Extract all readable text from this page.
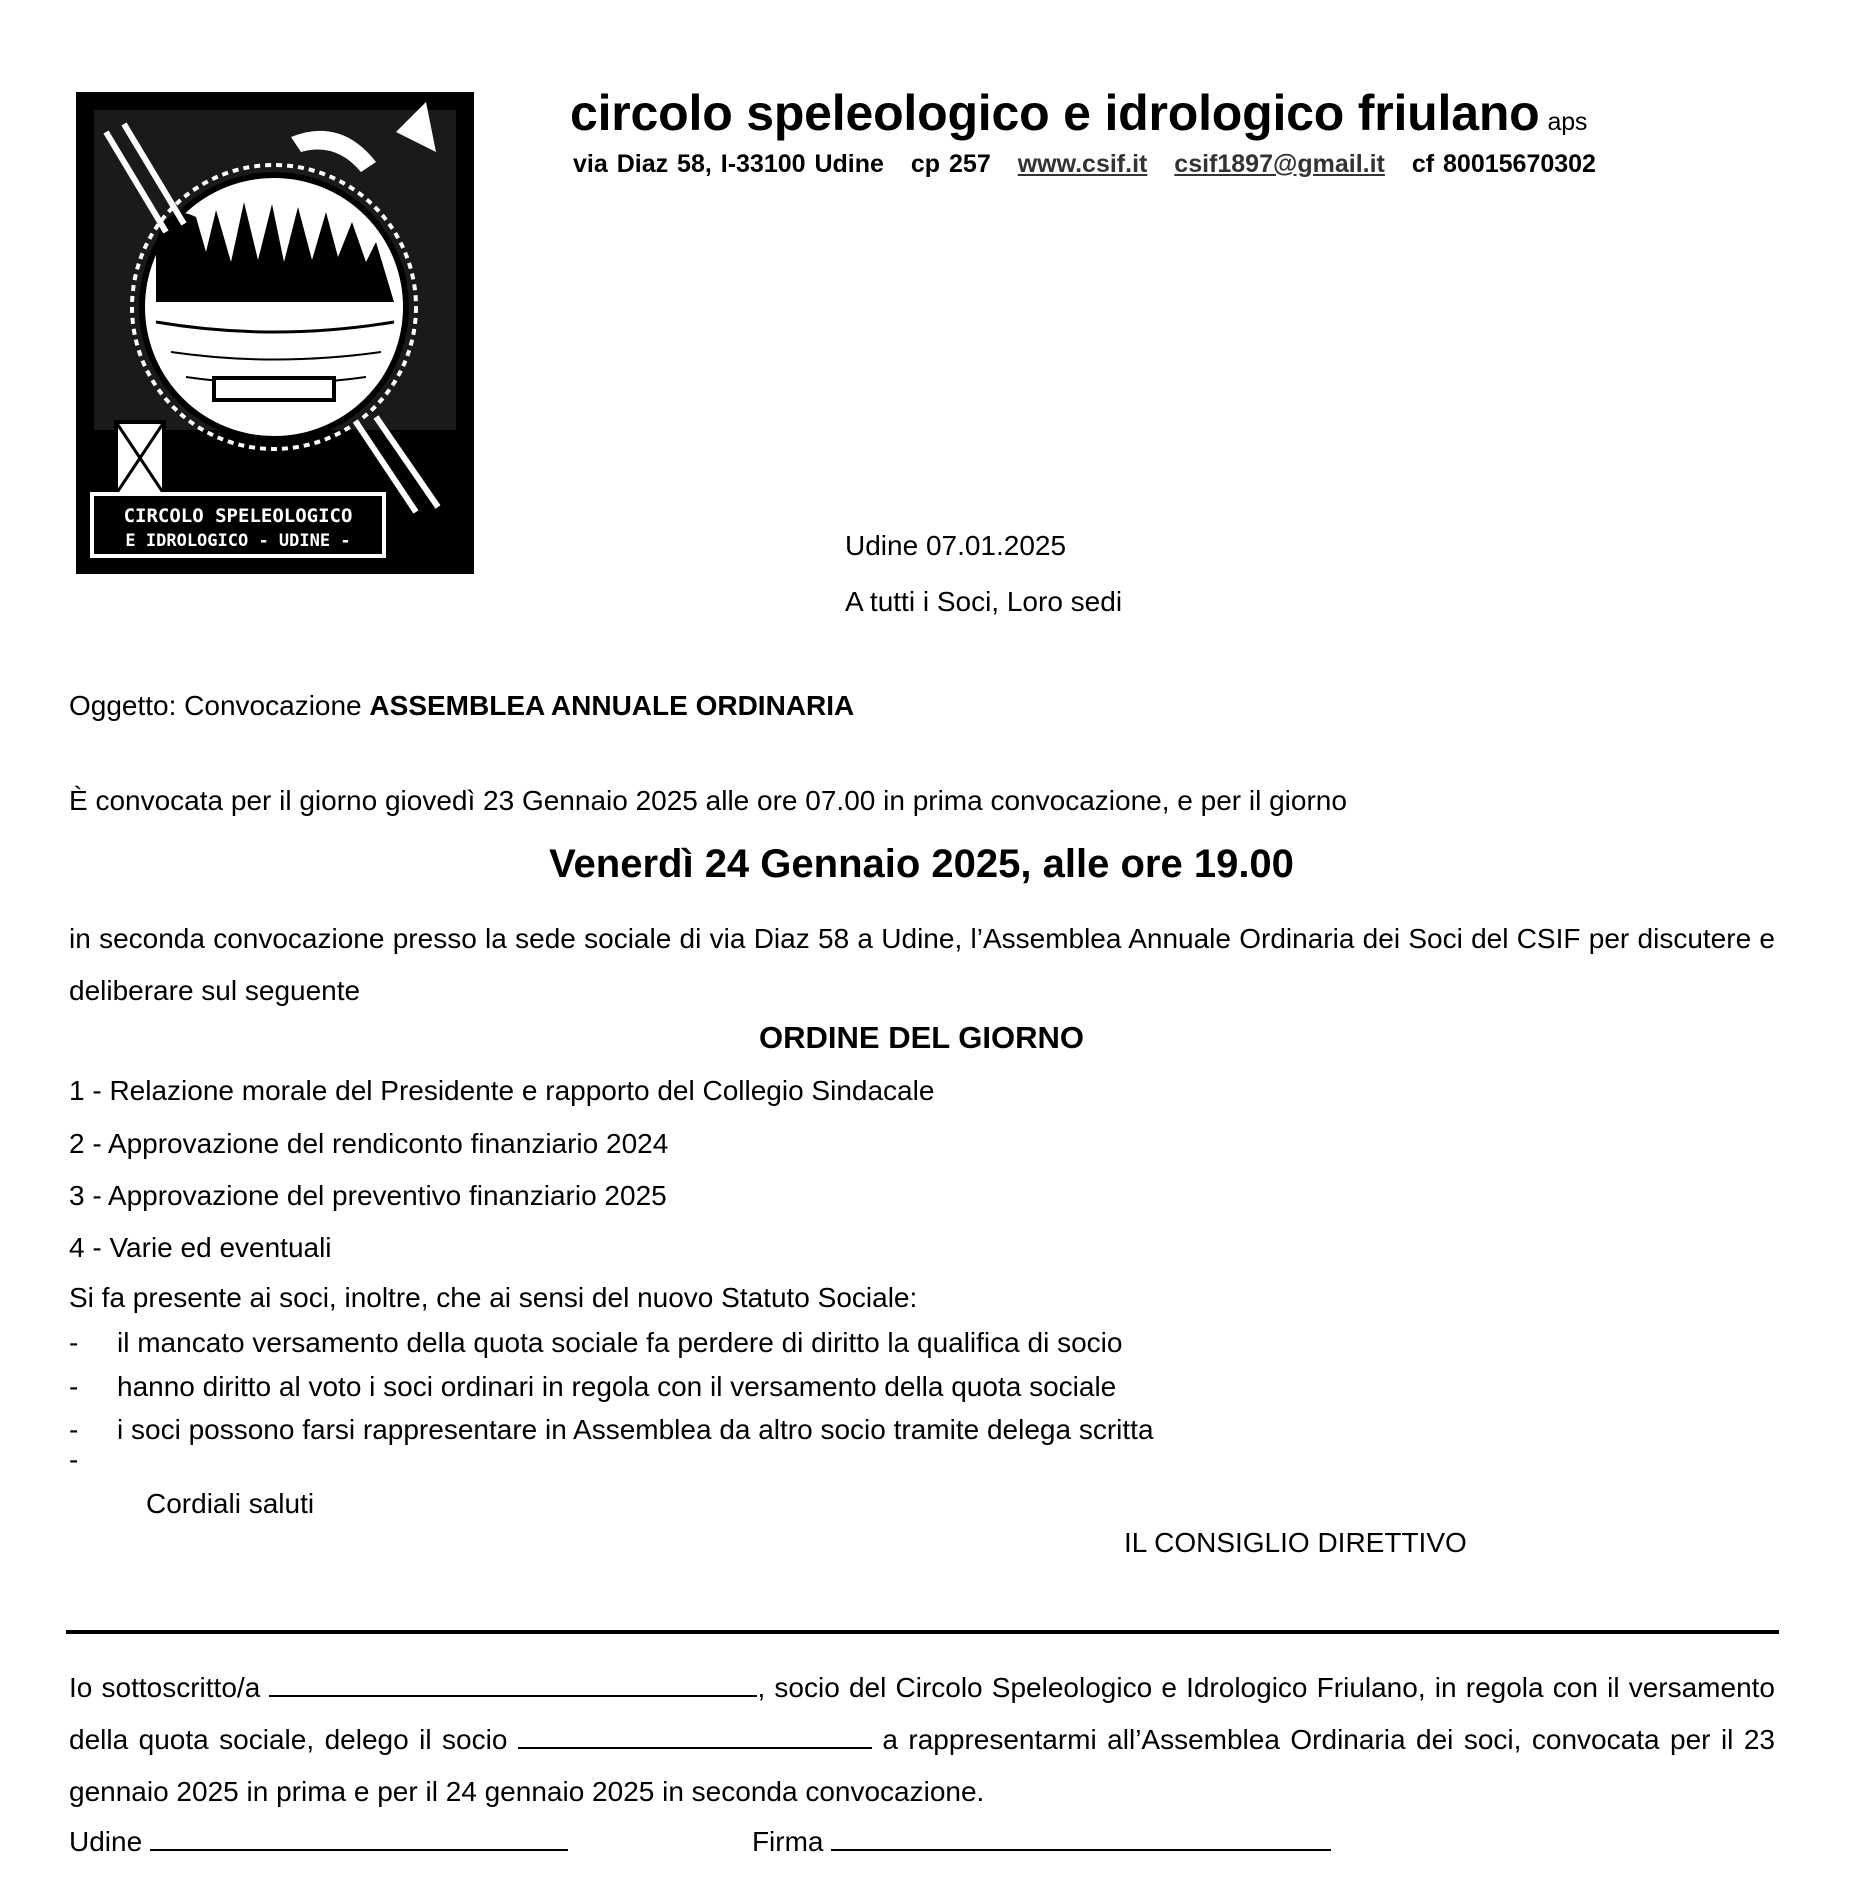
CIRCOLO SPELEOLOGICO
E IDROLOGICO - UDINE -
circolo speleologico e idrologico friulano aps
via Diaz 58, I-33100 Udine cp 257 www.csif.it csif1897@gmail.it cf 80015670302
Udine 07.01.2025
A tutti i Soci, Loro sedi
Oggetto: Convocazione ASSEMBLEA ANNUALE ORDINARIA
È convocata per il giorno giovedì 23 Gennaio 2025 alle ore 07.00 in prima convocazione, e per il giorno
Venerdì 24 Gennaio 2025, alle ore 19.00
in seconda convocazione presso la sede sociale di via Diaz 58 a Udine, l’Assemblea Annuale Ordinaria dei Soci del CSIF per discutere e deliberare sul seguente
ORDINE DEL GIORNO
1 - Relazione morale del Presidente e rapporto del Collegio Sindacale
2 - Approvazione del rendiconto finanziario 2024
3 - Approvazione del preventivo finanziario 2025
4 - Varie ed eventuali
Si fa presente ai soci, inoltre, che ai sensi del nuovo Statuto Sociale:
- il mancato versamento della quota sociale fa perdere di diritto la qualifica di socio
- hanno diritto al voto i soci ordinari in regola con il versamento della quota sociale
- i soci possono farsi rappresentare in Assemblea da altro socio tramite delega scritta
-
Cordiali saluti
IL CONSIGLIO DIRETTIVO
Io sottoscritto/a	, socio del Circolo Speleologico e Idrologico Friulano, in regola con il versamento della quota sociale, delego il socio	a rappresentarmi all’Assemblea Ordinaria dei soci, convocata per il 23 gennaio 2025 in prima e per il 24 gennaio 2025 in seconda convocazione.
Udine	Firma
